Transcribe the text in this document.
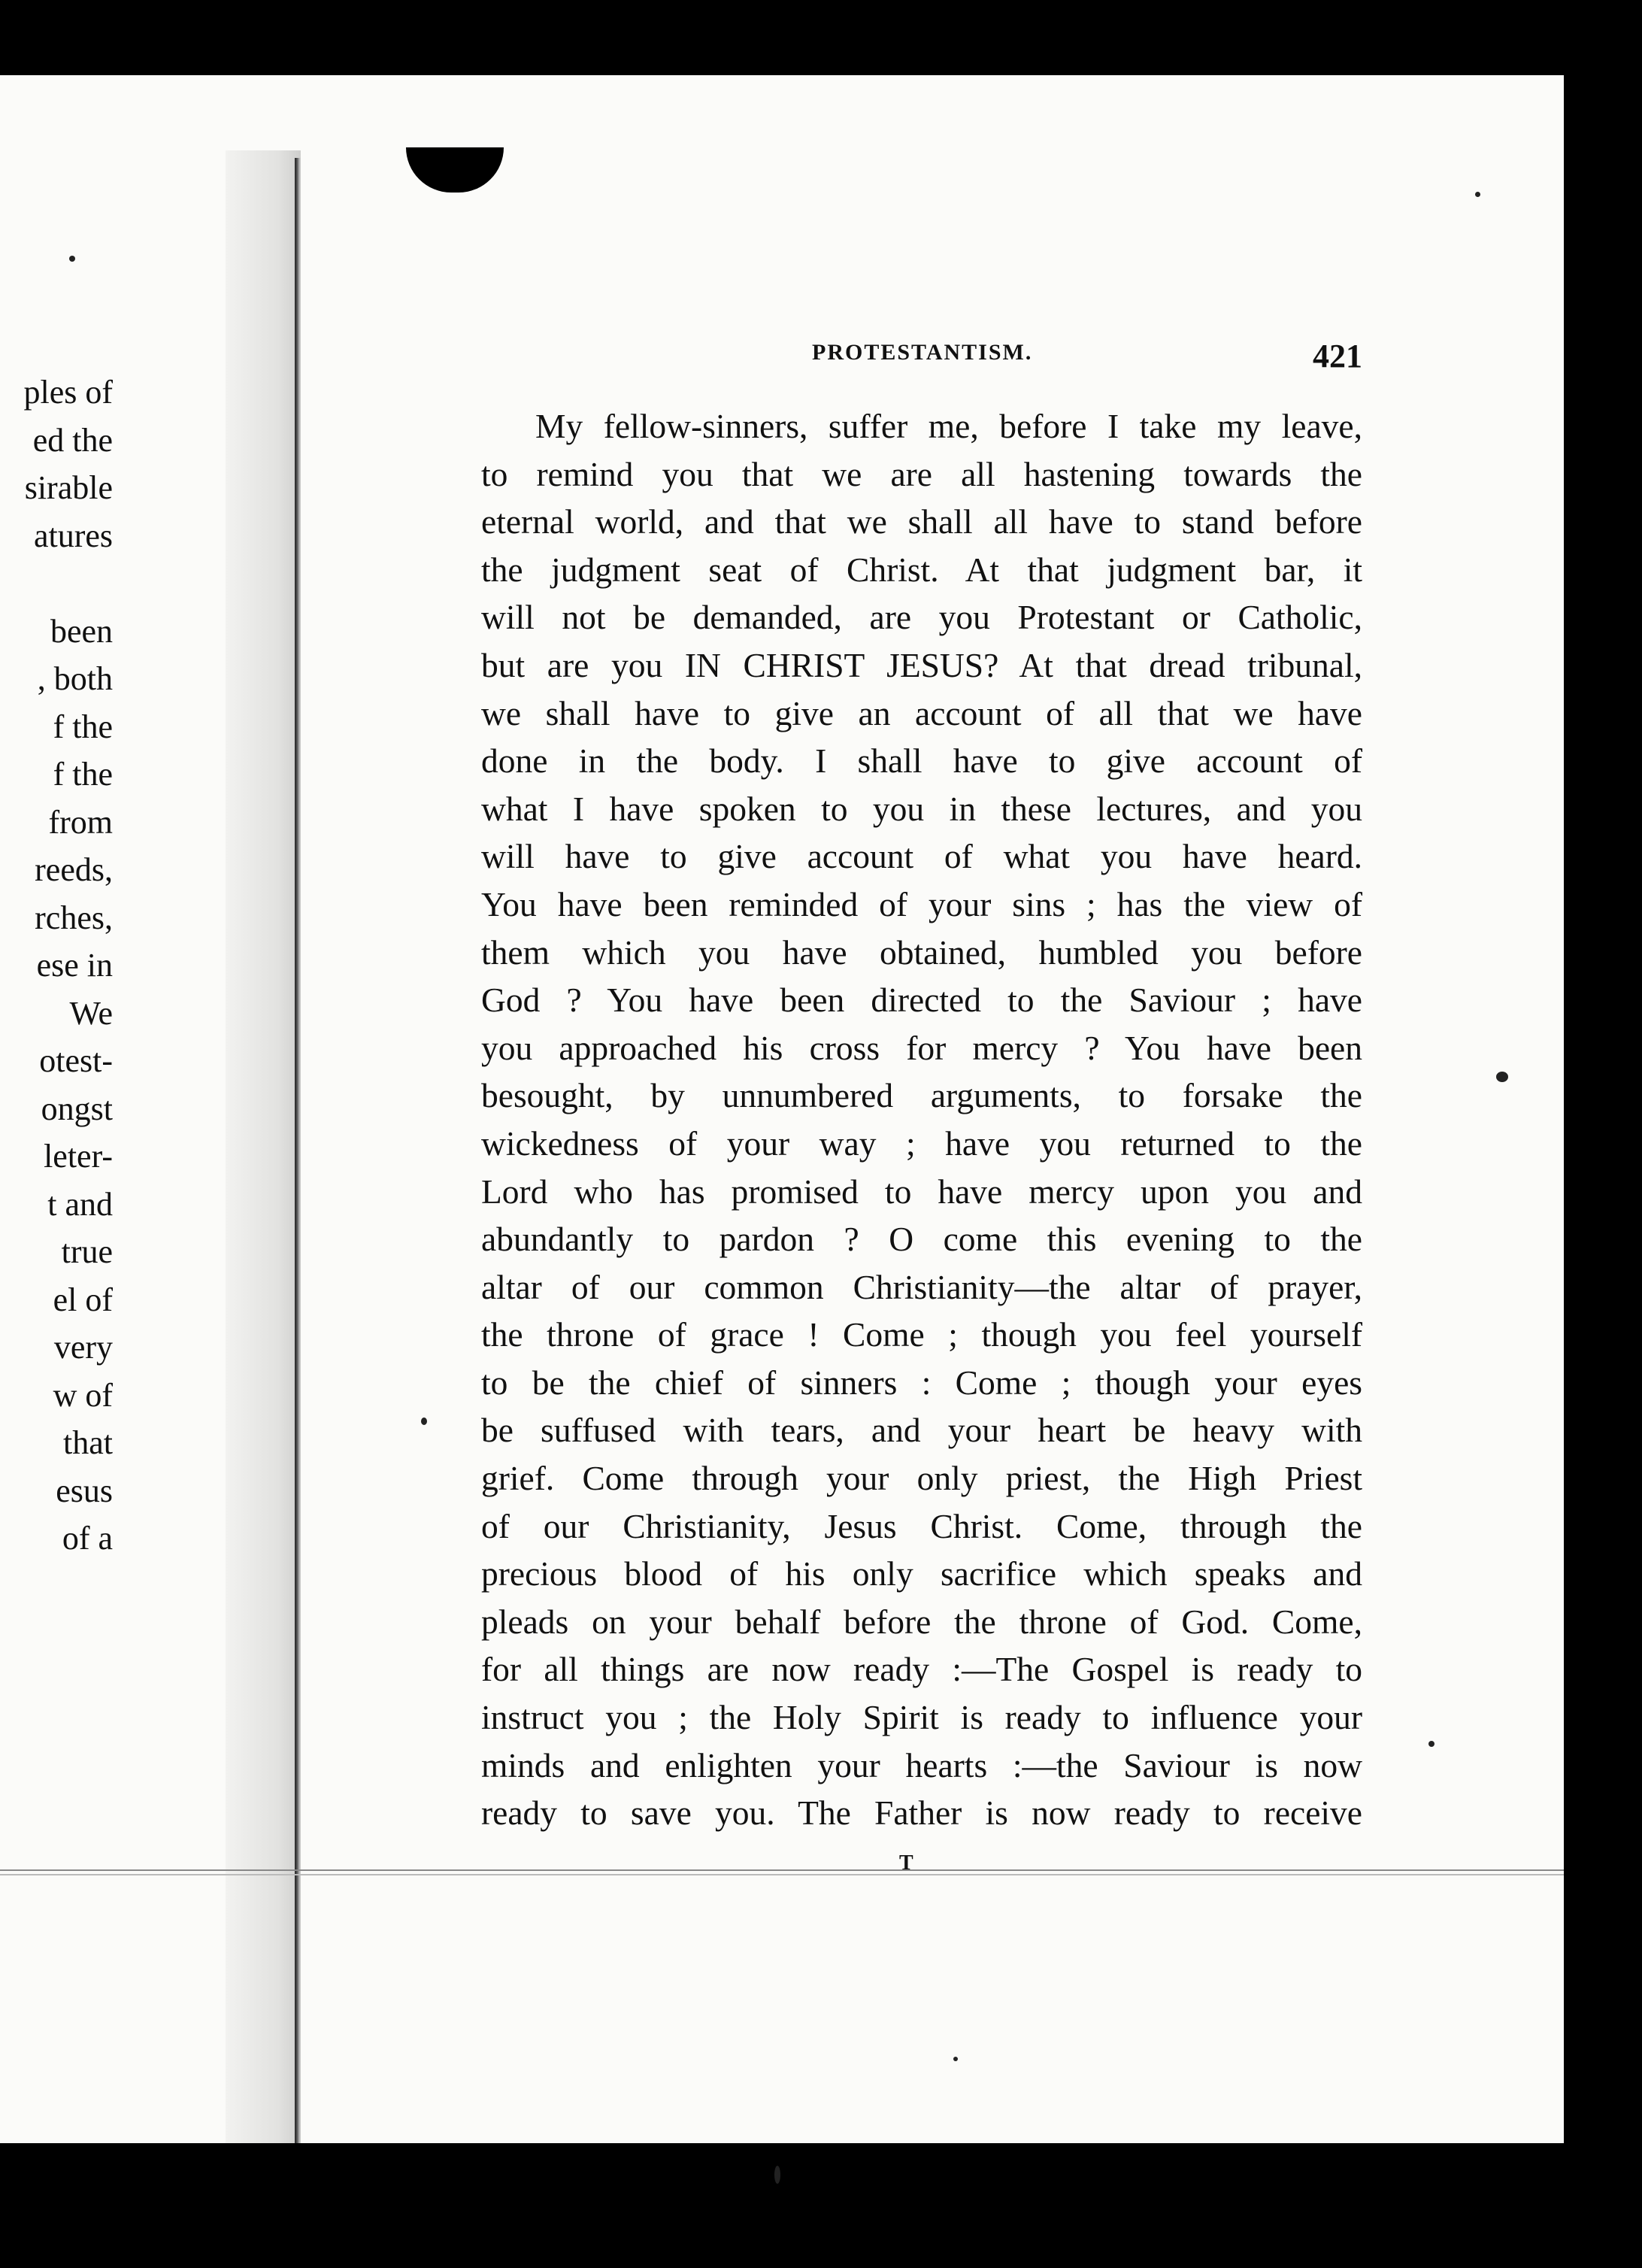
ples of
ed the
sirable
atures
been
, both
f the
f the
from
reeds,
rches,
ese in
We
otest-
ongst
leter-
t and
true
el of
very
w of
that
esus
of a
PROTESTANTISM.	421
My fellow-sinners, suffer me, before I take my leave,
to remind you that we are all hastening towards the
eternal world, and that we shall all have to stand before
the judgment seat of Christ. At that judgment bar, it
will not be demanded, are you Protestant or Catholic,
but are you IN CHRIST JESUS? At that dread tribunal,
we shall have to give an account of all that we have
done in the body. I shall have to give account of
what I have spoken to you in these lectures, and you
will have to give account of what you have heard.
You have been reminded of your sins ; has the view of
them which you have obtained, humbled you before
God ? You have been directed to the Saviour ; have
you approached his cross for mercy ? You have been
besought, by unnumbered arguments, to forsake the
wickedness of your way ; have you returned to the
Lord who has promised to have mercy upon you and
abundantly to pardon ? O come this evening to the
altar of our common Christianity—the altar of prayer,
the throne of grace ! Come ; though you feel yourself
to be the chief of sinners : Come ; though your eyes
be suffused with tears, and your heart be heavy with
grief. Come through your only priest, the High Priest
of our Christianity, Jesus Christ. Come, through the
precious blood of his only sacrifice which speaks and
pleads on your behalf before the throne of God. Come,
for all things are now ready :—The Gospel is ready to
instruct you ; the Holy Spirit is ready to influence your
minds and enlighten your hearts :—the Saviour is now
ready to save you. The Father is now ready to receive
T
